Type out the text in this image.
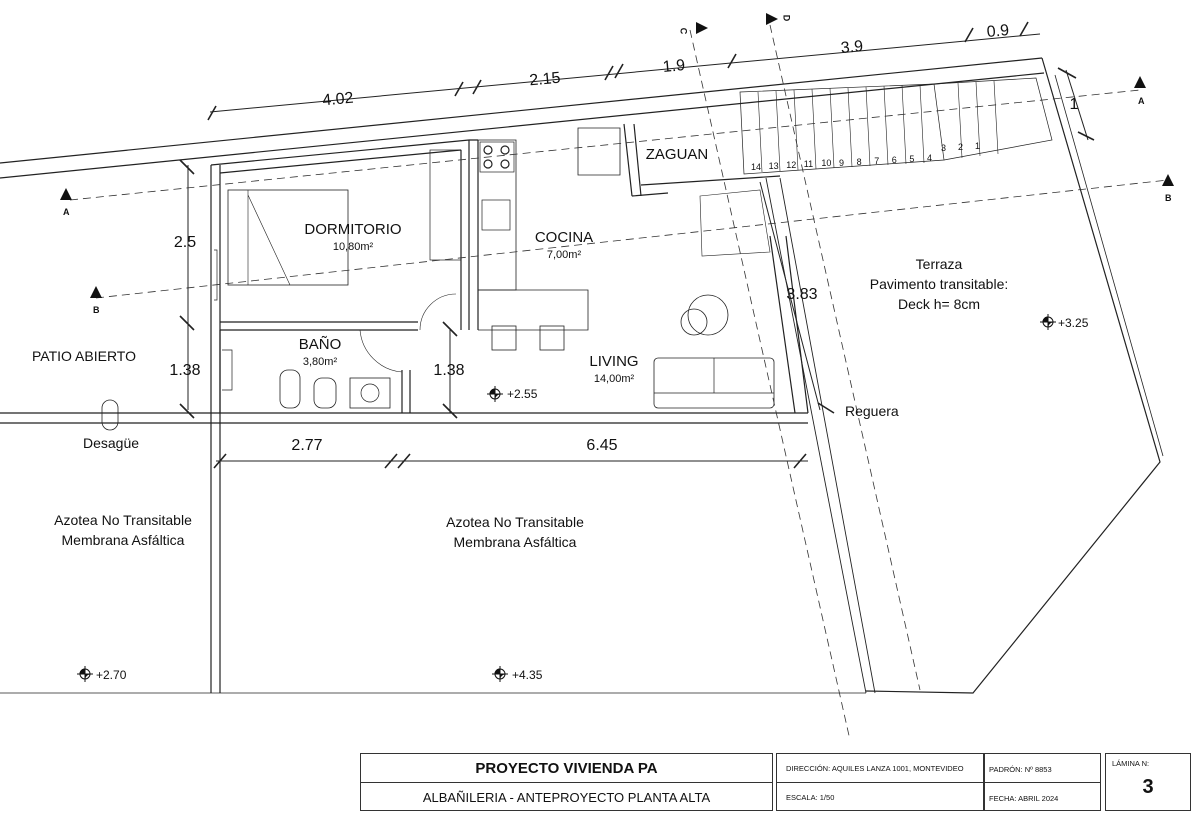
DORMITORIO
10,80m²
COCINA
7,00m²
BAÑO
3,80m²	LIVING
14,00m²
ZAGUAN
PATIO ABIERTO
Terraza
Pavimento transitable:
Deck h= 8cm
Desagüe
Reguera
Azotea No Transitable
Membrana Asfáltica
Azotea No Transitable
Membrana Asfáltica
4.02
2.15
1.9
3.9
0.9
1
2.5
1.38	1.38
3.83
2.77	6.45
+2.55
+3.25
+2.70	+4.35
A
A
B
B
C
D
14 13 12 11 10 9 8 7 6 5 4
3 2 1
PROYECTO VIVIENDA PA
ALBAÑILERIA - ANTEPROYECTO PLANTA ALTA
DIRECCIÓN: AQUILES LANZA 1001, MONTEVIDEO
ESCALA: 1/50
PADRÓN: Nº 8853
FECHA: ABRIL 2024
LÁMINA N:
3
